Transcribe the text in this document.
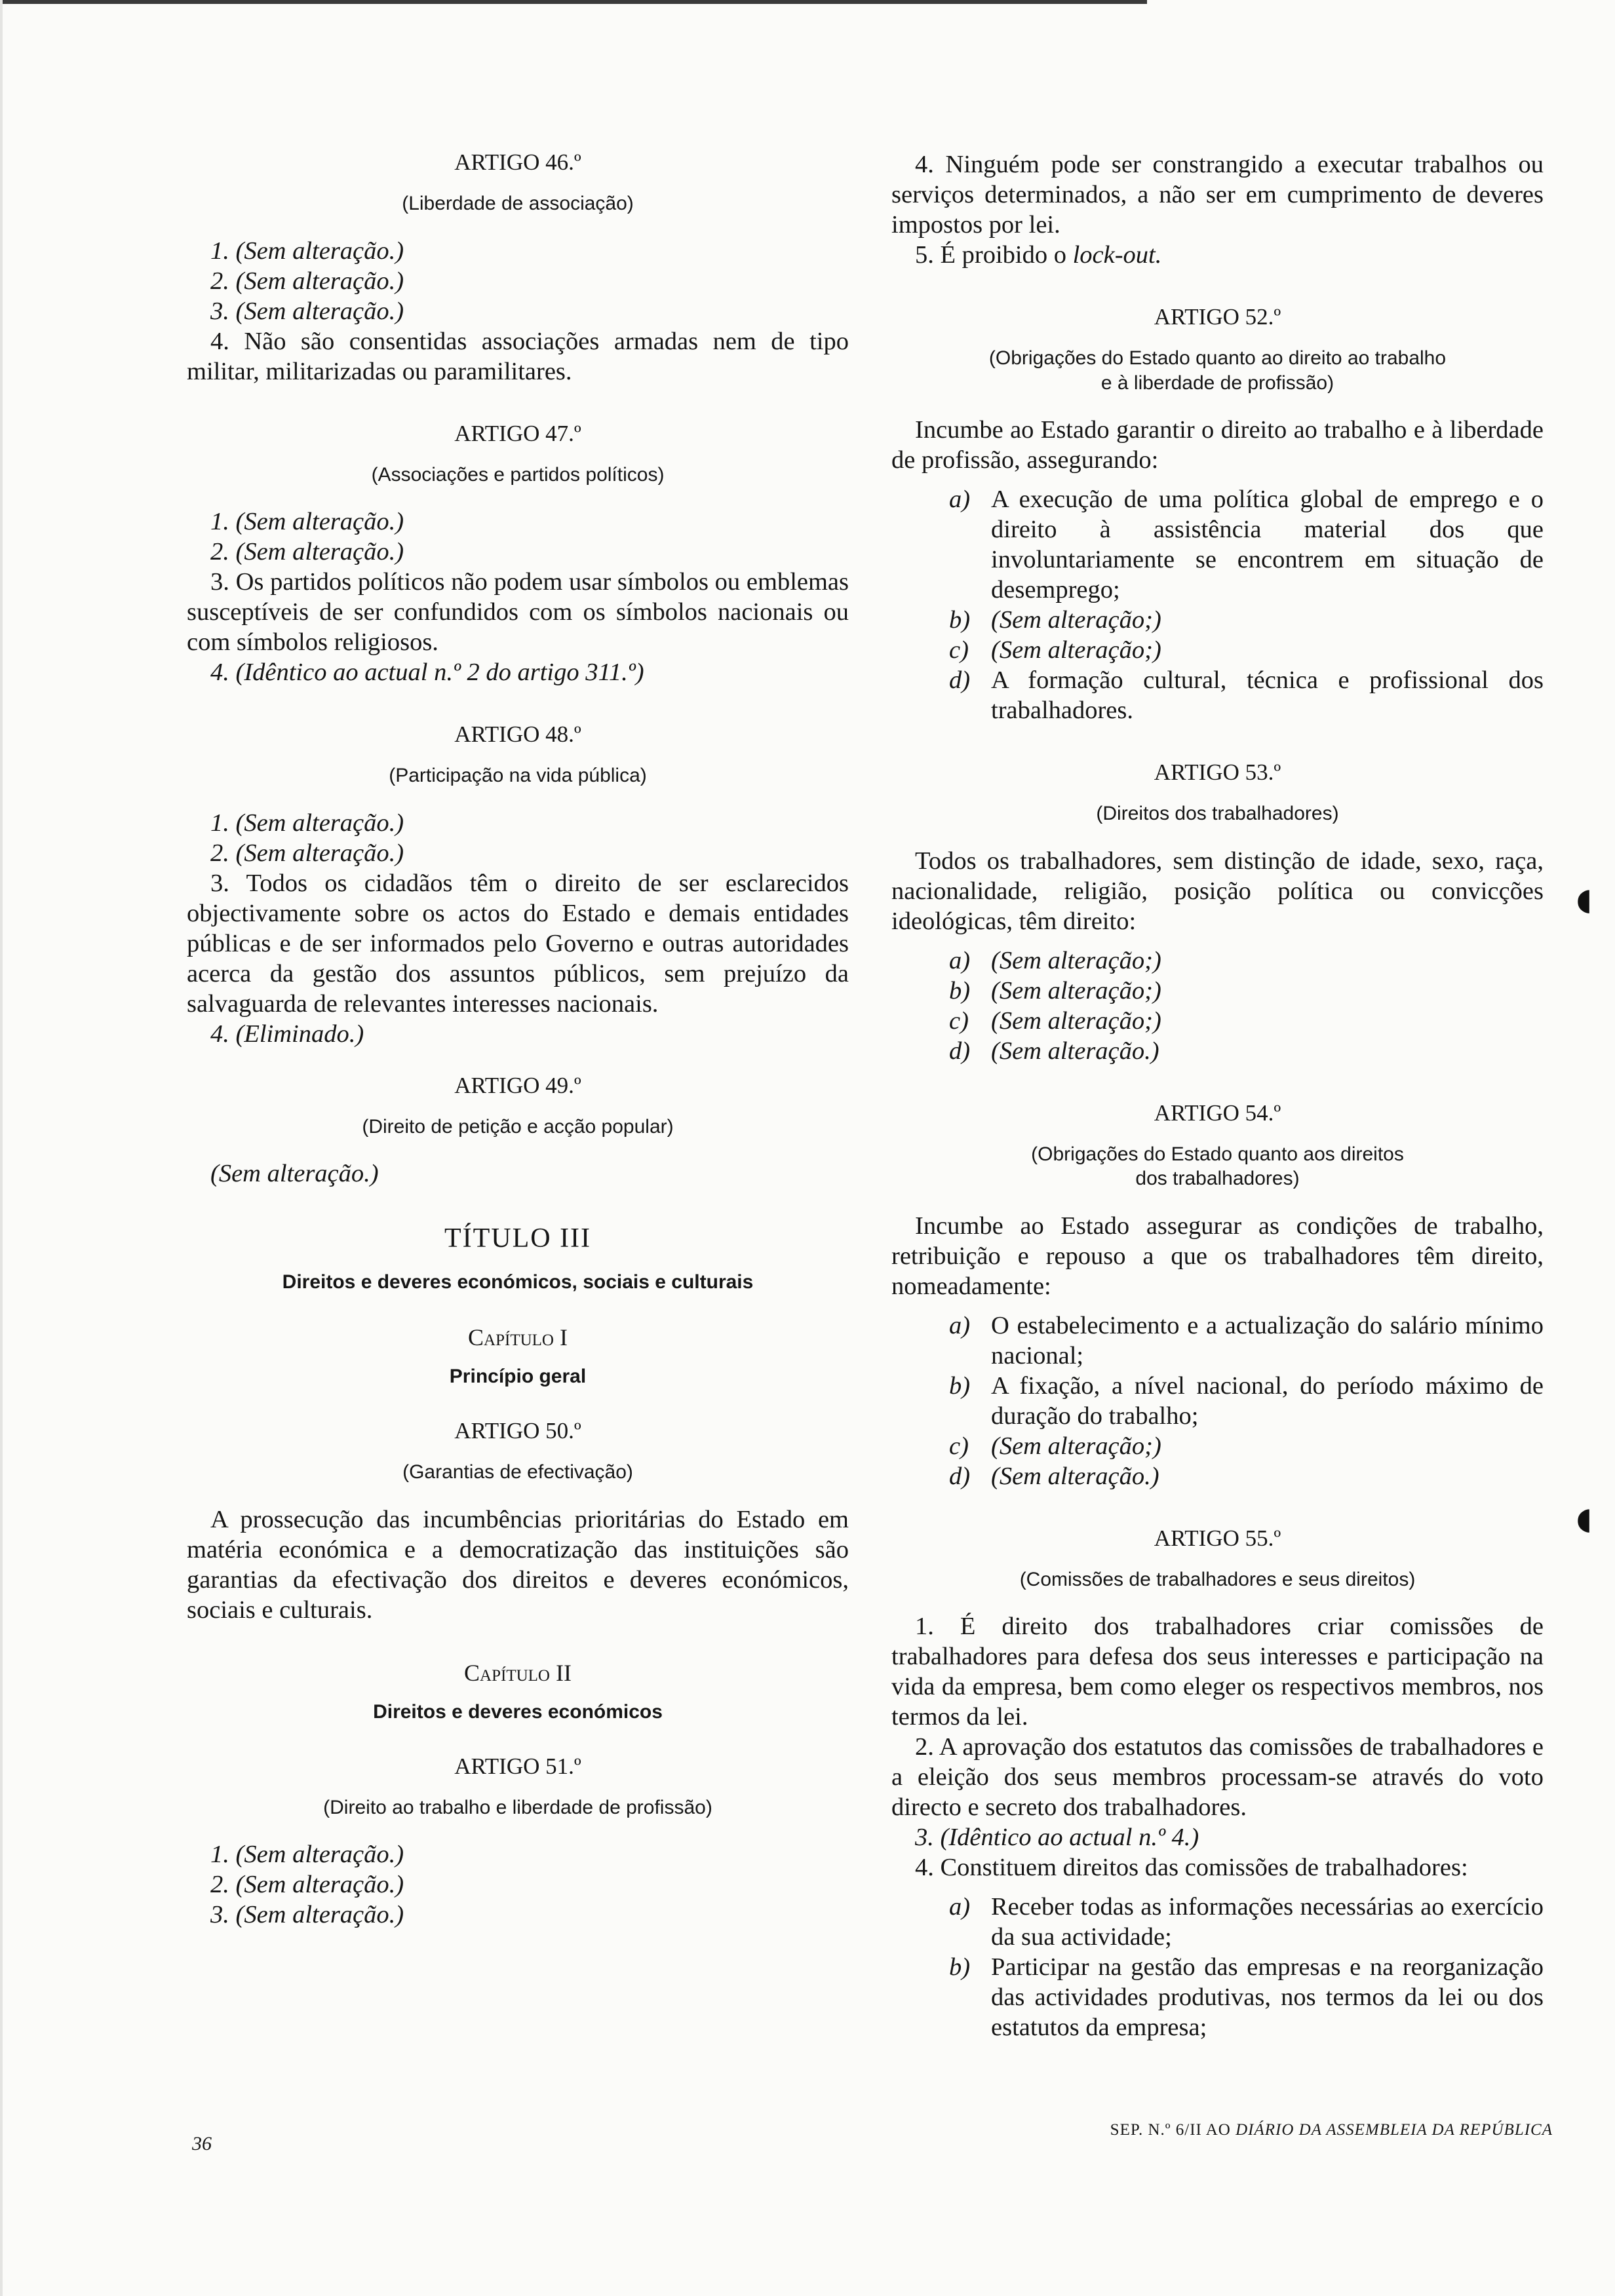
ARTIGO 46.º
(Liberdade de associação)

1. (Sem alteração.)

2. (Sem alteração.)

3. (Sem alteração.)

4. Não são consentidas associações armadas nem de tipo militar, militarizadas ou paramilitares.

ARTIGO 47.º
(Associações e partidos políticos)

1. (Sem alteração.)

2. (Sem alteração.)

3. Os partidos políticos não podem usar símbolos ou emblemas susceptíveis de ser confundidos com os símbolos nacionais ou com símbolos religiosos.

4. (Idêntico ao actual n.º 2 do artigo 311.º)

ARTIGO 48.º
(Participação na vida pública)

1. (Sem alteração.)

2. (Sem alteração.)

3. Todos os cidadãos têm o direito de ser esclarecidos objectivamente sobre os actos do Estado e demais entidades públicas e de ser informados pelo Governo e outras autoridades acerca da gestão dos assuntos públicos, sem prejuízo da salvaguarda de relevantes interesses nacionais.

4. (Eliminado.)

ARTIGO 49.º
(Direito de petição e acção popular)

(Sem alteração.)

TÍTULO III
Direitos e deveres económicos, sociais e culturais
Capítulo I
Princípio geral
ARTIGO 50.º
(Garantias de efectivação)

A prossecução das incumbências prioritárias do Estado em matéria económica e a democratização das instituições são garantias da efectivação dos direitos e deveres económicos, sociais e culturais.

Capítulo II
Direitos e deveres económicos
ARTIGO 51.º
(Direito ao trabalho e liberdade de profissão)

1. (Sem alteração.)

2. (Sem alteração.)

3. (Sem alteração.)

4. Ninguém pode ser constrangido a executar trabalhos ou serviços determinados, a não ser em cumprimento de deveres impostos por lei.

5. É proibido o lock-out.

ARTIGO 52.º
(Obrigações do Estado quanto ao direito ao trabalho
e à liberdade de profissão)

Incumbe ao Estado garantir o direito ao trabalho e à liberdade de profissão, assegurando:

a) A execução de uma política global de emprego e o direito à assistência material dos que involuntariamente se encontrem em situação de desemprego;
b) (Sem alteração;)
c) (Sem alteração;)
d) A formação cultural, técnica e profissional dos trabalhadores.
ARTIGO 53.º
(Direitos dos trabalhadores)

Todos os trabalhadores, sem distinção de idade, sexo, raça, nacionalidade, religião, posição política ou convicções ideológicas, têm direito:

a) (Sem alteração;)
b) (Sem alteração;)
c) (Sem alteração;)
d) (Sem alteração.)
ARTIGO 54.º
(Obrigações do Estado quanto aos direitos
dos trabalhadores)

Incumbe ao Estado assegurar as condições de trabalho, retribuição e repouso a que os trabalhadores têm direito, nomeadamente:

a) O estabelecimento e a actualização do salário mínimo nacional;
b) A fixação, a nível nacional, do período máximo de duração do trabalho;
c) (Sem alteração;)
d) (Sem alteração.)
ARTIGO 55.º
(Comissões de trabalhadores e seus direitos)

1. É direito dos trabalhadores criar comissões de trabalhadores para defesa dos seus interesses e participação na vida da empresa, bem como eleger os respectivos membros, nos termos da lei.

2. A aprovação dos estatutos das comissões de trabalhadores e a eleição dos seus membros processam-se através do voto directo e secreto dos trabalhadores.

3. (Idêntico ao actual n.º 4.)

4. Constituem direitos das comissões de trabalhadores:

a) Receber todas as informações necessárias ao exercício da sua actividade;
b) Participar na gestão das empresas e na reorganização das actividades produtivas, nos termos da lei ou dos estatutos da empresa;
◖
◖
36
SEP. N.º 6/II AO DIÁRIO DA ASSEMBLEIA DA REPÚBLICA
